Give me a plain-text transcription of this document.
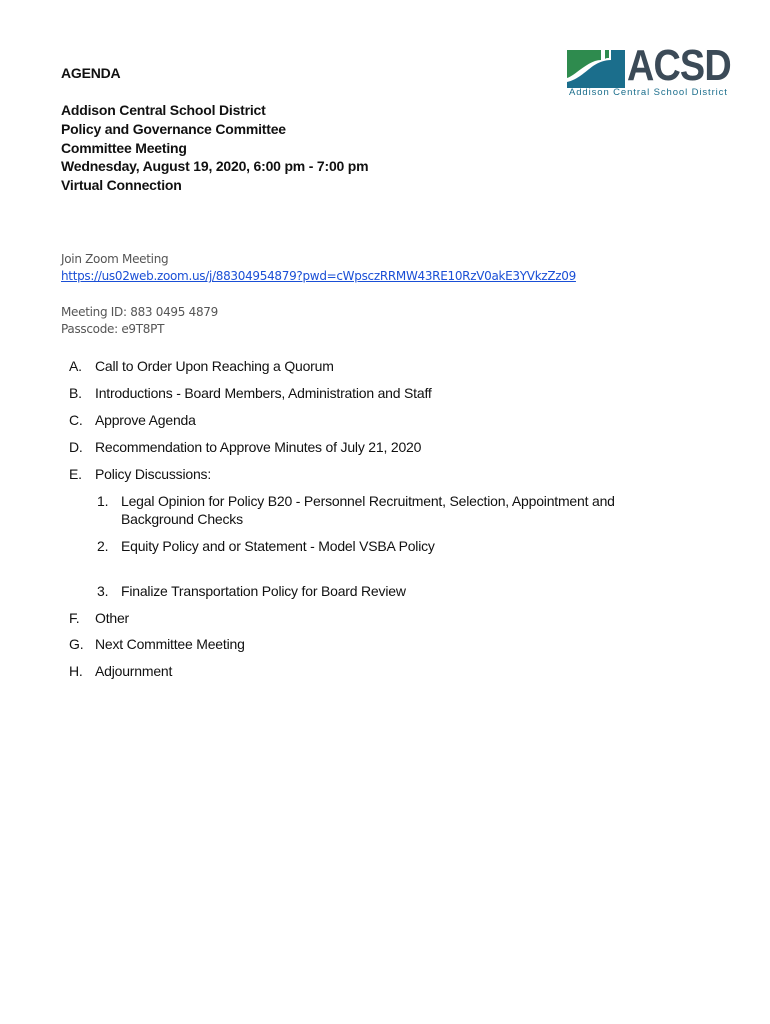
AGENDA
Addison Central School District
Policy and Governance Committee
Committee Meeting
Wednesday, August 19, 2020, 6:00 pm - 7:00 pm
Virtual Connection
ACSD
Addison Central School District
Join Zoom Meeting
https://us02web.zoom.us/j/88304954879?pwd=cWpsczRRMW43RE10RzV0akE3YVkzZz09
Meeting ID: 883 0495 4879
Passcode: e9T8PT
A. Call to Order Upon Reaching a Quorum
B. Introductions - Board Members, Administration and Staff
C. Approve Agenda
D. Recommendation to Approve Minutes of July 21, 2020
E. Policy Discussions:
1. Legal Opinion for Policy B20 - Personnel Recruitment, Selection, Appointment and
Background Checks
2. Equity Policy and or Statement - Model VSBA Policy
3. Finalize Transportation Policy for Board Review
F. Other
G. Next Committee Meeting
H. Adjournment
